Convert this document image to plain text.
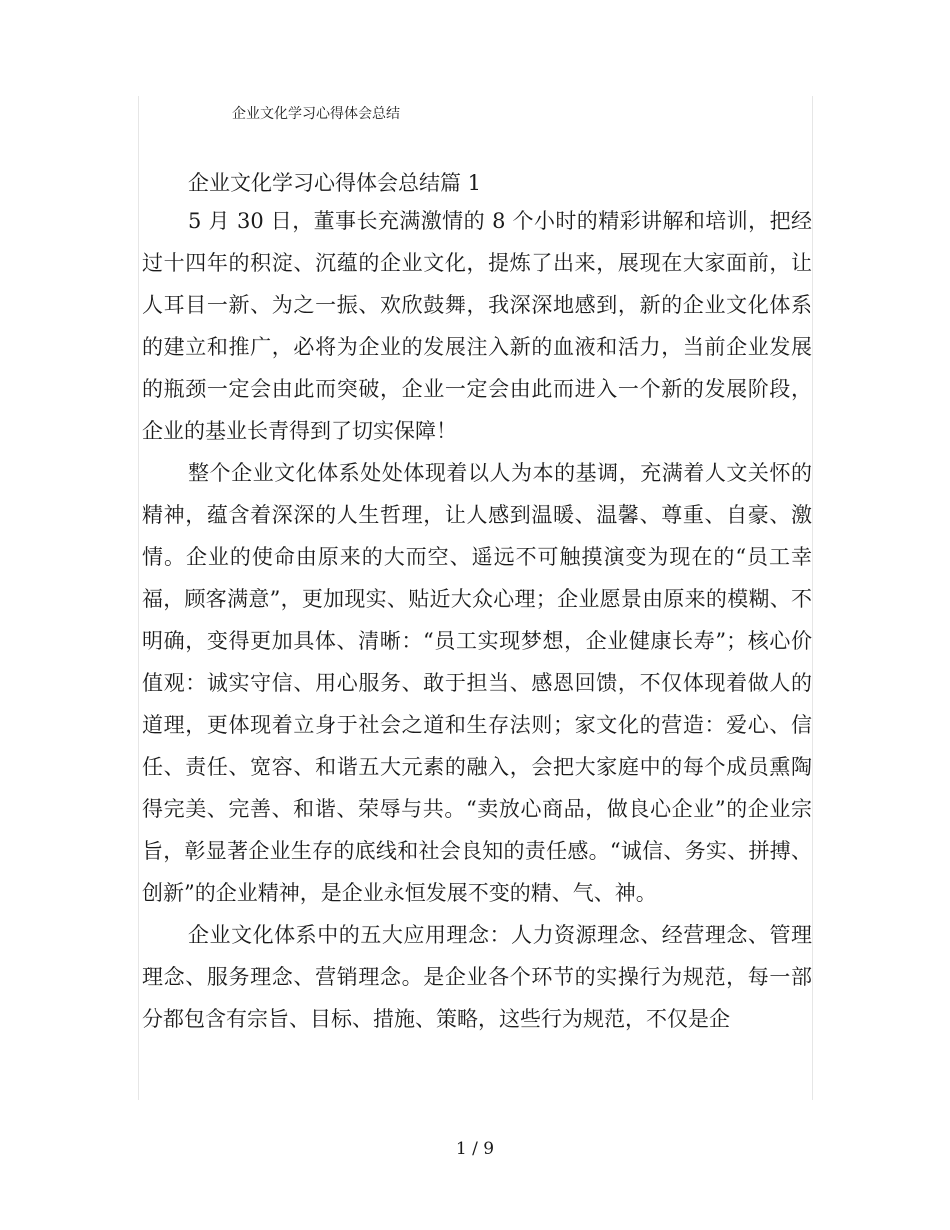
企业文化学习心得体会总结

企业文化学习心得体会总结篇 1

5 月 30 日，董事长充满激情的 8 个小时的精彩讲解和培训，把经过十四年的积淀、沉蕴的企业文化，提炼了出来，展现在大家面前，让人耳目一新、为之一振、欢欣鼓舞，我深深地感到，新的企业文化体系的建立和推广，必将为企业的发展注入新的血液和活力，当前企业发展的瓶颈一定会由此而突破，企业一定会由此而进入一个新的发展阶段，企业的基业长青得到了切实保障！

整个企业文化体系处处体现着以人为本的基调，充满着人文关怀的精神，蕴含着深深的人生哲理，让人感到温暖、温馨、尊重、自豪、激情。企业的使命由原来的大而空、遥远不可触摸演变为现在的“员工幸福，顾客满意”，更加现实、贴近大众心理；企业愿景由原来的模糊、不明确，变得更加具体、清晰：“员工实现梦想，企业健康长寿”；核心价值观：诚实守信、用心服务、敢于担当、感恩回馈，不仅体现着做人的道理，更体现着立身于社会之道和生存法则；家文化的营造：爱心、信任、责任、宽容、和谐五大元素的融入，会把大家庭中的每个成员熏陶得完美、完善、和谐、荣辱与共。“卖放心商品，做良心企业”的企业宗旨，彰显著企业生存的底线和社会良知的责任感。“诚信、务实、拼搏、创新”的企业精神，是企业永恒发展不变的精、气、神。

企业文化体系中的五大应用理念：人力资源理念、经营理念、管理理念、服务理念、营销理念。是企业各个环节的实操行为规范，每一部分都包含有宗旨、目标、措施、策略，这些行为规范，不仅是企

1 / 9
